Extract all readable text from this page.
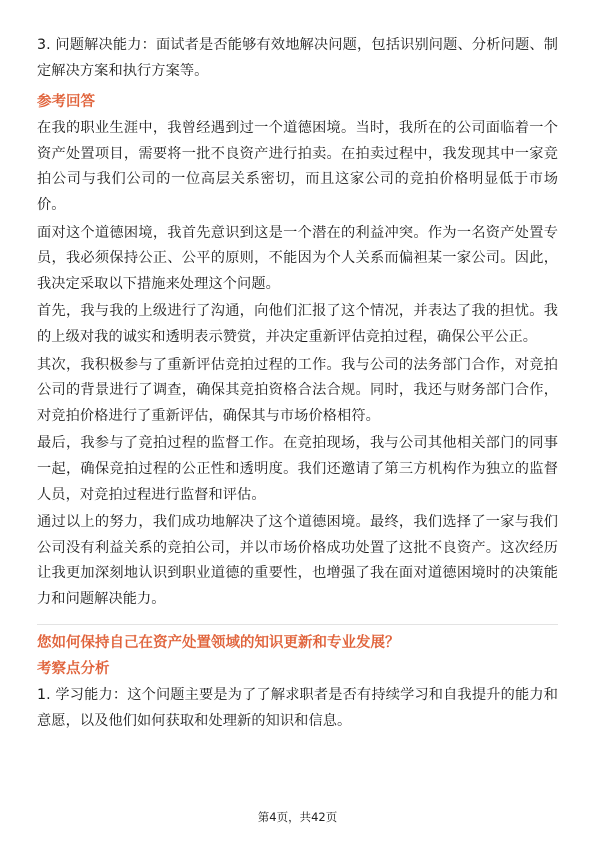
3. 问题解决能力：面试者是否能够有效地解决问题，包括识别问题、分析问题、制定解决方案和执行方案等。

参考回答

在我的职业生涯中，我曾经遇到过一个道德困境。当时，我所在的公司面临着一个资产处置项目，需要将一批不良资产进行拍卖。在拍卖过程中，我发现其中一家竞拍公司与我们公司的一位高层关系密切，而且这家公司的竞拍价格明显低于市场价。

面对这个道德困境，我首先意识到这是一个潜在的利益冲突。作为一名资产处置专员，我必须保持公正、公平的原则，不能因为个人关系而偏袒某一家公司。因此，我决定采取以下措施来处理这个问题。

首先，我与我的上级进行了沟通，向他们汇报了这个情况，并表达了我的担忧。我的上级对我的诚实和透明表示赞赏，并决定重新评估竞拍过程，确保公平公正。

其次，我积极参与了重新评估竞拍过程的工作。我与公司的法务部门合作，对竞拍公司的背景进行了调查，确保其竞拍资格合法合规。同时，我还与财务部门合作，对竞拍价格进行了重新评估，确保其与市场价格相符。

最后，我参与了竞拍过程的监督工作。在竞拍现场，我与公司其他相关部门的同事一起，确保竞拍过程的公正性和透明度。我们还邀请了第三方机构作为独立的监督人员，对竞拍过程进行监督和评估。

通过以上的努力，我们成功地解决了这个道德困境。最终，我们选择了一家与我们公司没有利益关系的竞拍公司，并以市场价格成功处置了这批不良资产。这次经历让我更加深刻地认识到职业道德的重要性，也增强了我在面对道德困境时的决策能力和问题解决能力。

您如何保持自己在资产处置领域的知识更新和专业发展？

考察点分析

1. 学习能力：这个问题主要是为了了解求职者是否有持续学习和自我提升的能力和意愿，以及他们如何获取和处理新的知识和信息。

第4页，共42页
